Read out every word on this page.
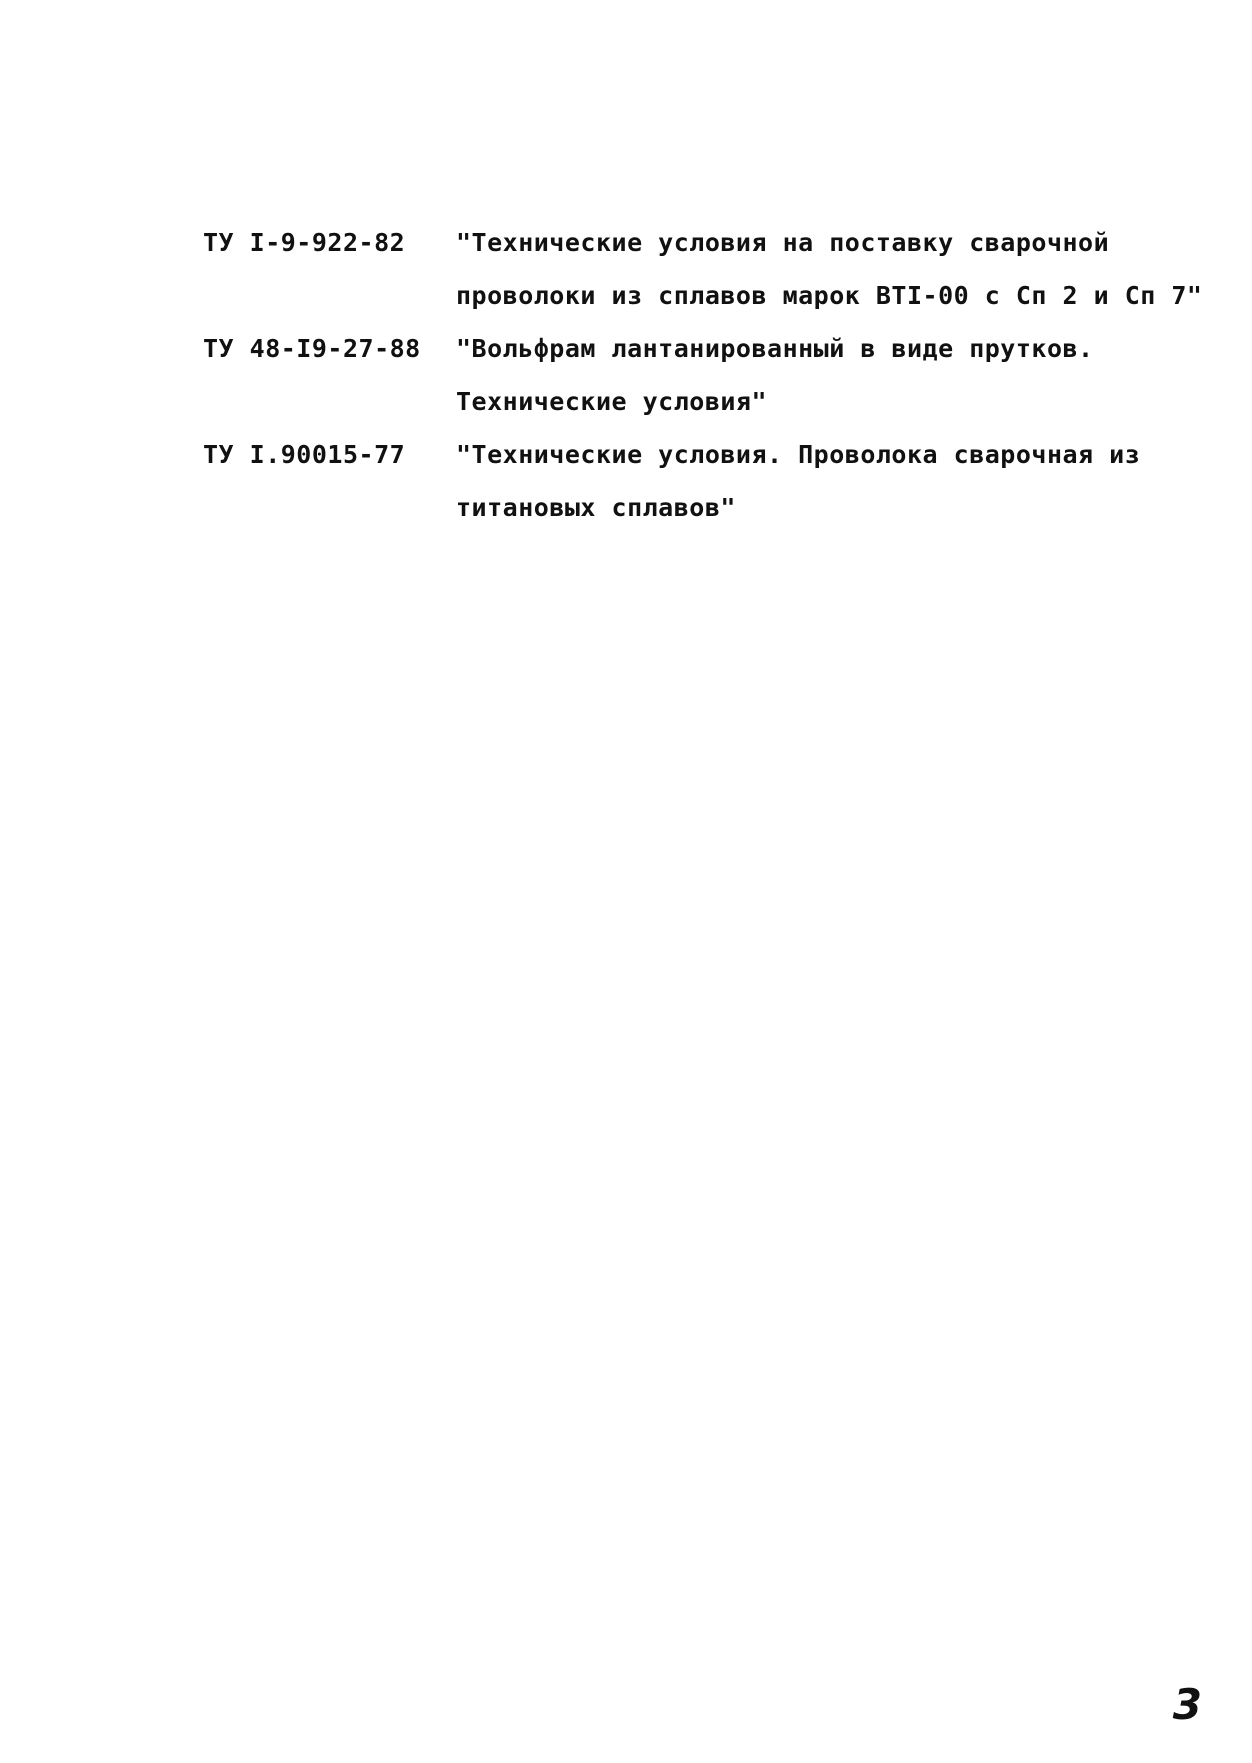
ТУ I-9-922-82	"Технические условия на поставку сварочной
проволоки из сплавов марок ВТI-00 с Сп 2 и Сп 7"
ТУ 48-I9-27-88	"Вольфрам лантанированный в виде прутков.
Технические условия"
ТУ I.90015-77	"Технические условия. Проволока сварочная из
титановых сплавов"
3
